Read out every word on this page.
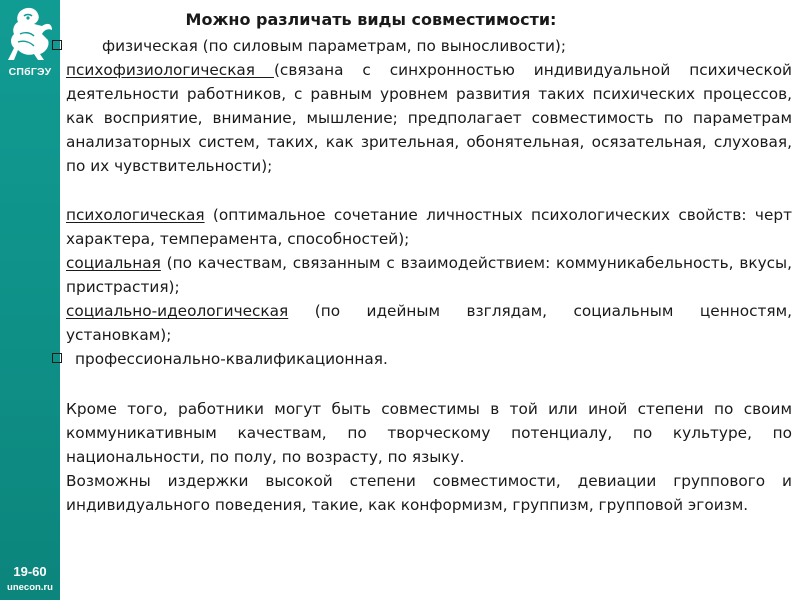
СПбГЭУ
19-60
unecon.ru
Можно различать виды совместимости:
физическая (по силовым параметрам, по выносливости);
психофизиологическая (связана с синхронностью индивидуальной психической деятельности работников, с равным уровнем развития таких психических процессов, как восприятие, внимание, мышление; предполагает совместимость по параметрам анализаторных систем, таких, как зрительная, обонятельная, осязательная, слуховая, по их чувствительности);
психологическая (оптимальное сочетание личностных психологических свойств: черт характера, темперамента, способностей);
социальная (по качествам, связанным с взаимодействием: коммуникабельность, вкусы, пристрастия);
социально-идеологическая (по идейным взглядам, социальным ценностям, установкам);
профессионально-квалификационная.
Кроме того, работники могут быть совместимы в той или иной степени по своим коммуникативным качествам, по творческому потенциалу, по культуре, по национальности, по полу, по возрасту, по языку.
Возможны издержки высокой степени совместимости, девиации группового и индивидуального поведения, такие, как конформизм, группизм, групповой эгоизм.
